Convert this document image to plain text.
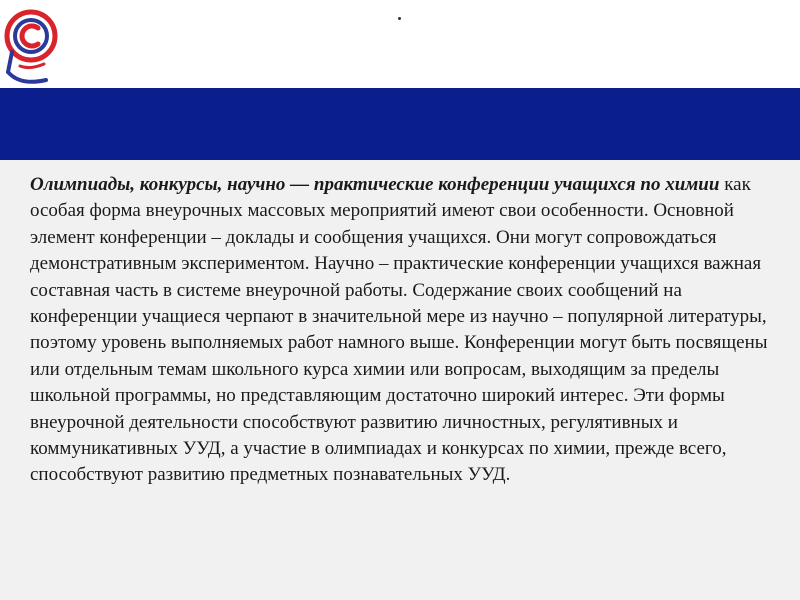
Олимпиады, конкурсы, научно — практические конференции учащихся по химии как особая форма внеурочных массовых мероприятий имеют свои особенности. Основной элемент конференции – доклады и сообщения учащихся. Они могут сопровождаться демонстративным экспериментом. Научно – практические конференции учащихся важная составная часть в системе внеурочной работы. Содержание своих сообщений на конференции учащиеся черпают в значительной мере из научно – популярной литературы, поэтому уровень выполняемых работ намного выше. Конференции могут быть посвящены или отдельным темам школьного курса химии или вопросам, выходящим за пределы школьной программы, но представляющим достаточно широкий интерес. Эти формы внеурочной деятельности способствуют развитию личностных, регулятивных и коммуникативных УУД, а участие в олимпиадах и конкурсах по химии, прежде всего, способствуют развитию предметных познавательных УУД.
